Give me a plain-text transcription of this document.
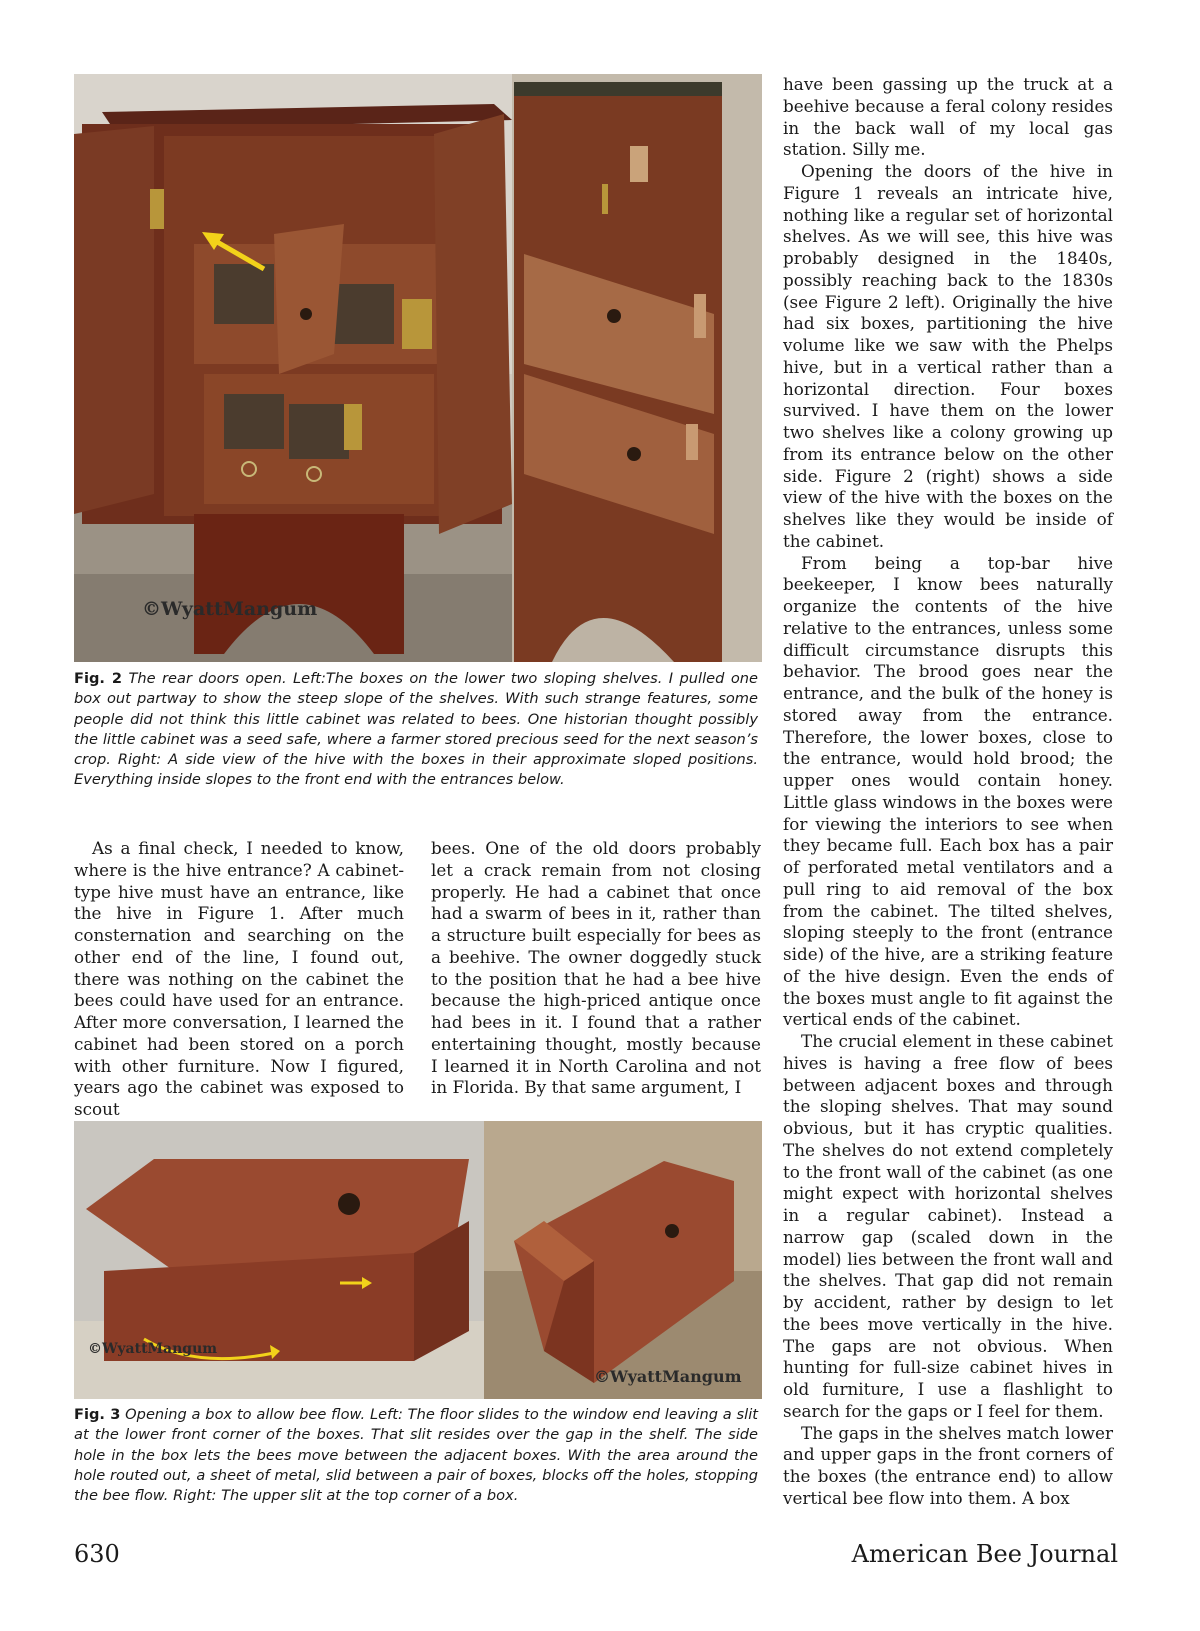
©WyattMangum
Fig. 2 The rear doors open. Left:The boxes on the lower two sloping shelves. I pulled one box out partway to show the steep slope of the shelves. With such strange features, some people did not think this little cabinet was related to bees. One historian thought possibly the little cabinet was a seed safe, where a farmer stored precious seed for the next season’s crop. Right: A side view of the hive with the boxes in their approximate sloped positions. Everything inside slopes to the front end with the entrances below.

As a final check, I needed to know, where is the hive entrance? A cabinet-type hive must have an entrance, like the hive in Figure 1. After much consternation and searching on the other end of the line, I found out, there was nothing on the cabinet the bees could have used for an entrance. After more conversation, I learned the cabinet had been stored on a porch with other furniture. Now I figured, years ago the cabinet was exposed to scout

bees. One of the old doors probably let a crack remain from not closing properly. He had a cabinet that once had a swarm of bees in it, rather than a structure built especially for bees as a beehive. The owner doggedly stuck to the position that he had a bee hive because the high-priced antique once had bees in it. I found that a rather entertaining thought, mostly because I learned it in North Carolina and not in Florida. By that same argument, I

©WyattMangum
©WyattMangum
Fig. 3 Opening a box to allow bee flow. Left: The floor slides to the window end leaving a slit at the lower front corner of the boxes. That slit resides over the gap in the shelf. The side hole in the box lets the bees move between the adjacent boxes. With the area around the hole routed out, a sheet of metal, slid between a pair of boxes, blocks off the holes, stopping the bee flow. Right: The upper slit at the top corner of a box.

have been gassing up the truck at a beehive because a feral colony resides in the back wall of my local gas station. Silly me.

Opening the doors of the hive in Figure 1 reveals an intricate hive, nothing like a regular set of horizontal shelves. As we will see, this hive was probably designed in the 1840s, possibly reaching back to the 1830s (see Figure 2 left). Originally the hive had six boxes, partitioning the hive volume like we saw with the Phelps hive, but in a vertical rather than a horizontal direction. Four boxes survived. I have them on the lower two shelves like a colony growing up from its entrance below on the other side. Figure 2 (right) shows a side view of the hive with the boxes on the shelves like they would be inside of the cabinet.

From being a top-bar hive beekeeper, I know bees naturally organize the contents of the hive relative to the entrances, unless some difficult circumstance disrupts this behavior. The brood goes near the entrance, and the bulk of the honey is stored away from the entrance. Therefore, the lower boxes, close to the entrance, would hold brood; the upper ones would contain honey. Little glass windows in the boxes were for viewing the interiors to see when they became full. Each box has a pair of perforated metal ventilators and a pull ring to aid removal of the box from the cabinet. The tilted shelves, sloping steeply to the front (entrance side) of the hive, are a striking feature of the hive design. Even the ends of the boxes must angle to fit against the vertical ends of the cabinet.

The crucial element in these cabinet hives is having a free flow of bees between adjacent boxes and through the sloping shelves. That may sound obvious, but it has cryptic qualities. The shelves do not extend completely to the front wall of the cabinet (as one might expect with horizontal shelves in a regular cabinet). Instead a narrow gap (scaled down in the model) lies between the front wall and the shelves. That gap did not remain by accident, rather by design to let the bees move vertically in the hive. The gaps are not obvious. When hunting for full-size cabinet hives in old furniture, I use a flashlight to search for the gaps or I feel for them.

The gaps in the shelves match lower and upper gaps in the front corners of the boxes (the entrance end) to allow vertical bee flow into them. A box

630	American Bee Journal
